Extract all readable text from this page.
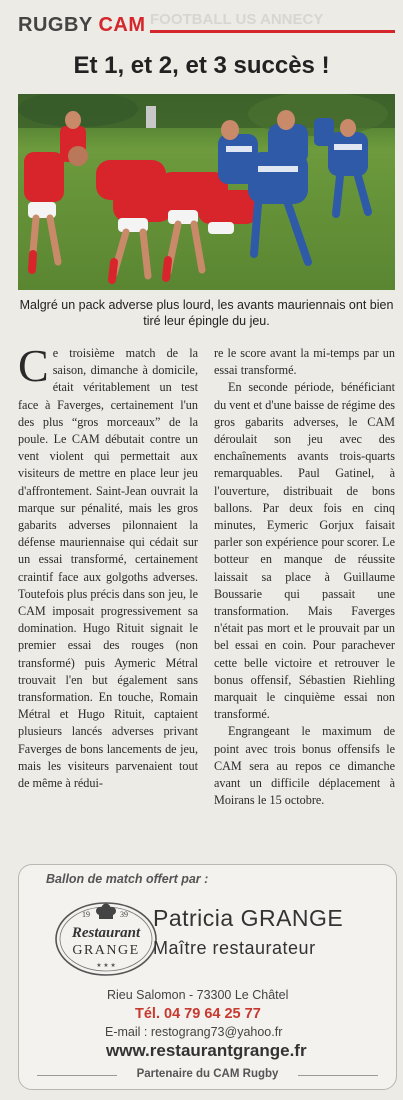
FOOTBALL US ANNECY
RUGBY CAM
Et 1, et 2, et 3 succès !
Malgré un pack adverse plus lourd, les avants mauriennais ont bien tiré leur épingle du jeu.

Ce troisième match de la saison, dimanche à domicile, était véritablement un test face à Faverges, certainement l'un des plus “gros morceaux” de la poule. Le CAM débutait contre un vent violent qui permettait aux visiteurs de mettre en place leur jeu d'affrontement. Saint-Jean ouvrait la marque sur pénalité, mais les gros gabarits adverses pilonnaient la défense mauriennaise qui cédait sur un essai transformé, certainement craintif face aux golgoths adverses. Toutefois plus précis dans son jeu, le CAM imposait progressivement sa domination. Hugo Rituit signait le premier essai des rouges (non transformé) puis Aymeric Métral trouvait l'en but également sans transformation. En touche, Romain Métral et Hugo Rituit, captaient plusieurs lancés adverses privant Faverges de bons lancements de jeu, mais les visiteurs parvenaient tout de même à rédui-

re le score avant la mi-temps par un essai transformé.

En seconde période, bénéficiant du vent et d'une baisse de régime des gros gabarits adverses, le CAM déroulait son jeu avec des enchaînements avants trois-quarts remarquables. Paul Gatinel, à l'ouverture, distribuait de bons ballons. Par deux fois en cinq minutes, Eymeric Gorjux faisait parler son expérience pour scorer. Le botteur en manque de réussite laissait sa place à Guillaume Boussarie qui passait une transformation. Mais Faverges n'était pas mort et le prouvait par un bel essai en coin. Pour parachever cette belle victoire et retrouver le bonus offensif, Sébastien Riehling marquait le cinquième essai non transformé.

Engrangeant le maximum de point avec trois bonus offensifs le CAM sera au repos ce dimanche avant un difficile déplacement à Moirans le 15 octobre.

Ballon de match offert par :
19	39
Restaurant
GRANGE
★ ★ ★
Patricia GRANGE
Maître restaurateur
Rieu Salomon - 73300 Le Châtel
Tél. 04 79 64 25 77
E-mail : restograng73@yahoo.fr
www.restaurantgrange.fr
Partenaire du CAM Rugby
